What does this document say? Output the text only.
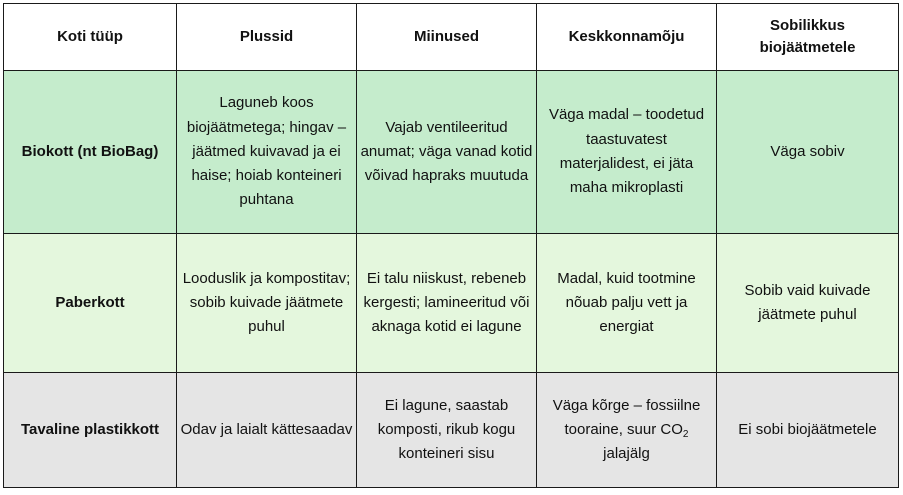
Koti tüüp	Plussid	Miinused	Keskkonnamõju	Sobilikkus biojäätmetele
Biokott (nt BioBag)	Laguneb koos biojäätmetega; hingav – jäätmed kuivavad ja ei haise; hoiab konteineri puhtana	Vajab ventileeritud anumat; väga vanad kotid võivad hapraks muutuda	Väga madal – toodetud taastuvatest materjalidest, ei jäta maha mikroplasti	Väga sobiv
Paberkott	Looduslik ja kompostitav; sobib kuivade jäätmete puhul	Ei talu niiskust, rebeneb kergesti; lamineeritud või aknaga kotid ei lagune	Madal, kuid tootmine nõuab palju vett ja energiat	Sobib vaid kuivade jäätmete puhul
Tavaline plastikkott	Odav ja laialt kättesaadav	Ei lagune, saastab komposti, rikub kogu konteineri sisu	Väga kõrge – fossiilne tooraine, suur $CO_2$ jalajälg	Ei sobi biojäätmetele
